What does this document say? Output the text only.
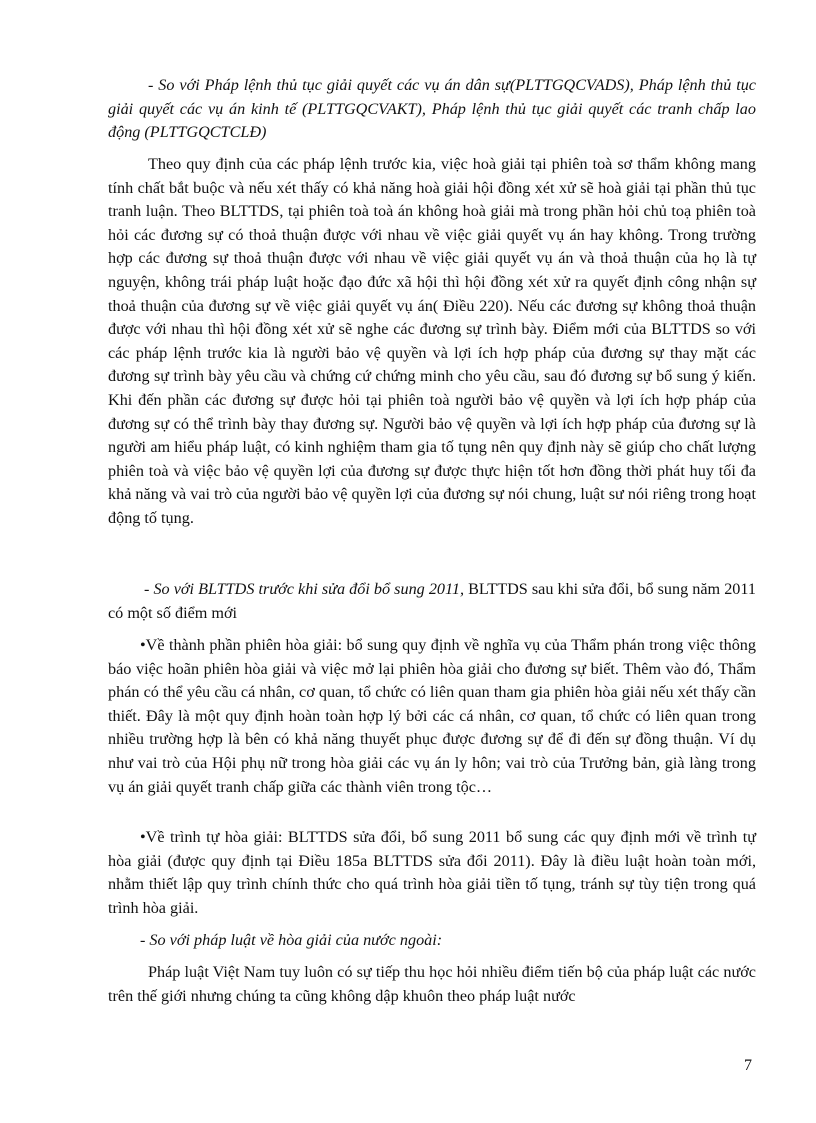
- So với Pháp lệnh thủ tục giải quyết các vụ án dân sự(PLTTGQCVADS), Pháp lệnh thủ tục giải quyết các vụ án kinh tế (PLTTGQCVAKT), Pháp lệnh thủ tục giải quyết các tranh chấp lao động (PLTTGQCTCLĐ)

Theo quy định của các pháp lệnh trước kia, việc hoà giải tại phiên toà sơ thẩm không mang tính chất bắt buộc và nếu xét thấy có khả năng hoà giải hội đồng xét xử sẽ hoà giải tại phần thủ tục tranh luận. Theo BLTTDS, tại phiên toà toà án không hoà giải mà trong phần hỏi chủ toạ phiên toà hỏi các đương sự có thoả thuận được với nhau về việc giải quyết vụ án hay không. Trong trường hợp các đương sự thoả thuận được với nhau về việc giải quyết vụ án và thoả thuận của họ là tự nguyện, không trái pháp luật hoặc đạo đức xã hội thì hội đồng xét xử ra quyết định công nhận sự thoả thuận của đương sự về việc giải quyết vụ án( Điều 220). Nếu các đương sự không thoả thuận được với nhau thì hội đồng xét xử sẽ nghe các đương sự trình bày. Điểm mới của BLTTDS so với các pháp lệnh trước kia là người bảo vệ quyền và lợi ích hợp pháp của đương sự thay mặt các đương sự trình bày yêu cầu và chứng cứ chứng minh cho yêu cầu, sau đó đương sự bổ sung ý kiến. Khi đến phần các đương sự được hỏi tại phiên toà người bảo vệ quyền và lợi ích hợp pháp của đương sự có thể trình bày thay đương sự. Người bảo vệ quyền và lợi ích hợp pháp của đương sự là người am hiểu pháp luật, có kinh nghiệm tham gia tố tụng nên quy định này sẽ giúp cho chất lượng phiên toà và việc bảo vệ quyền lợi của đương sự được thực hiện tốt hơn đồng thời phát huy tối đa khả năng và vai trò của người bảo vệ quyền lợi của đương sự nói chung, luật sư nói riêng trong hoạt động tố tụng.

- So với BLTTDS trước khi sửa đổi bổ sung 2011, BLTTDS sau khi sửa đổi, bổ sung năm 2011 có một số điểm mới

•Về thành phần phiên hòa giải: bổ sung quy định về nghĩa vụ của Thẩm phán trong việc thông báo việc hoãn phiên hòa giải và việc mở lại phiên hòa giải cho đương sự biết. Thêm vào đó, Thẩm phán có thể yêu cầu cá nhân, cơ quan, tổ chức có liên quan tham gia phiên hòa giải nếu xét thấy cần thiết. Đây là một quy định hoàn toàn hợp lý bởi các cá nhân, cơ quan, tổ chức có liên quan trong nhiều trường hợp là bên có khả năng thuyết phục được đương sự để đi đến sự đồng thuận. Ví dụ như vai trò của Hội phụ nữ trong hòa giải các vụ án ly hôn; vai trò của Trưởng bản, già làng trong vụ án giải quyết tranh chấp giữa các thành viên trong tộc…

•Về trình tự hòa giải: BLTTDS sửa đổi, bổ sung 2011 bổ sung các quy định mới về trình tự hòa giải (được quy định tại Điều 185a BLTTDS sửa đổi 2011). Đây là điều luật hoàn toàn mới, nhằm thiết lập quy trình chính thức cho quá trình hòa giải tiền tố tụng, tránh sự tùy tiện trong quá trình hòa giải.

- So với pháp luật về hòa giải của nước ngoài:

Pháp luật Việt Nam tuy luôn có sự tiếp thu học hỏi nhiều điểm tiến bộ của pháp luật các nước trên thế giới nhưng chúng ta cũng không dập khuôn theo pháp luật nước

7
